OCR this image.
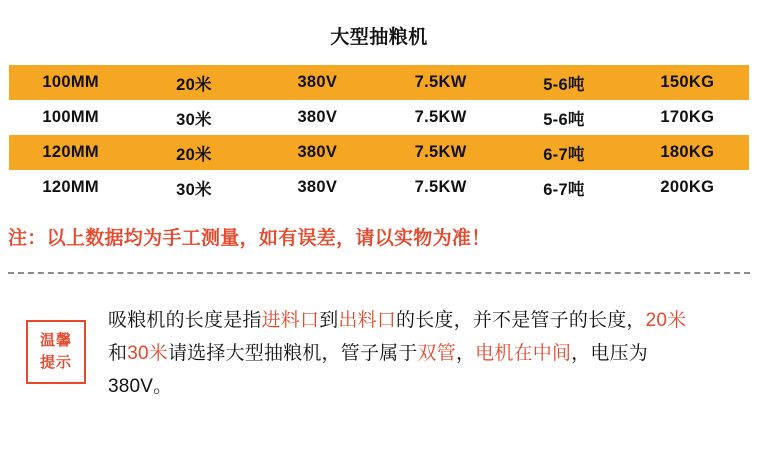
大型抽粮机
100MM	20米	380V	7.5KW	5-6吨	150KG
100MM	30米	380V	7.5KW	5-6吨	170KG
120MM	20米	380V	7.5KW	6-7吨	180KG
120MM	30米	380V	7.5KW	6-7吨	200KG
注：以上数据均为手工测量，如有误差，请以实物为准！
温馨
提示
吸粮机的长度是指进料口到出料口的长度，并不是管子的长度，20米和30米请选择大型抽粮机，管子属于双管，电机在中间，电压为380V。
